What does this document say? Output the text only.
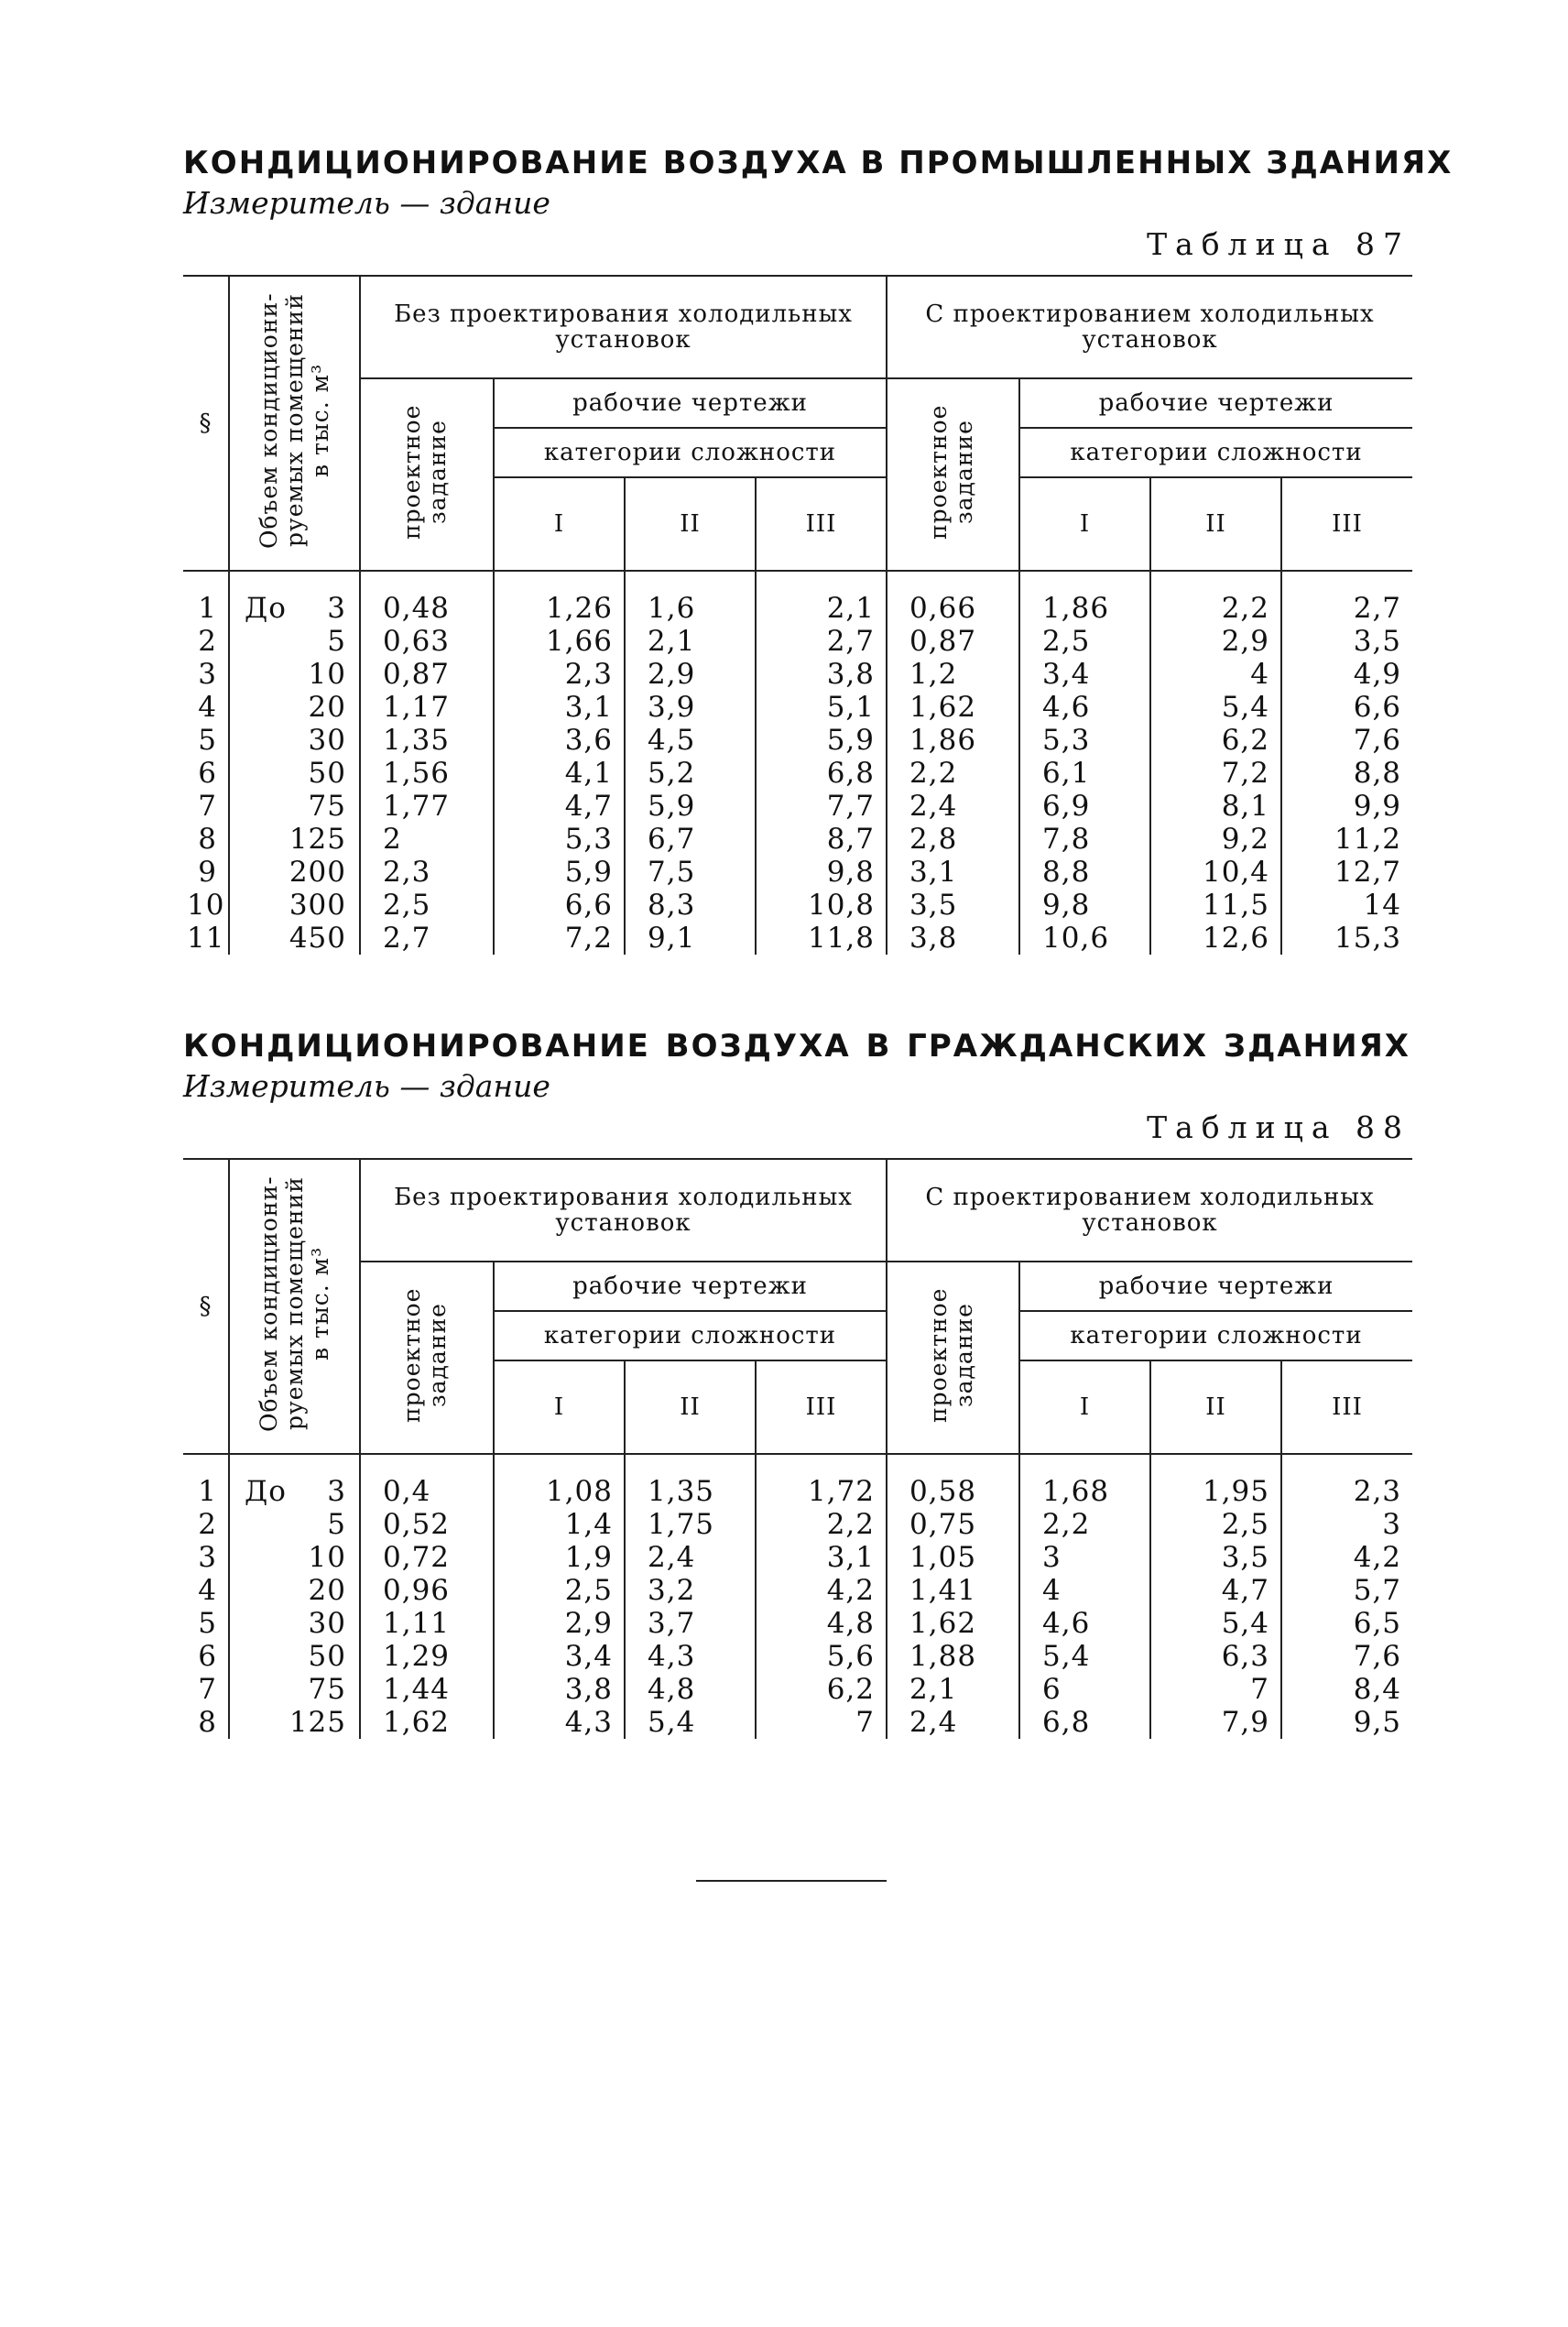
КОНДИЦИОНИРОВАНИЕ ВОЗДУХА В ПРОМЫШЛЕННЫХ ЗДАНИЯХ
Измеритель — здание
Таблица 87
§	Объем кондициони-руемых помещений в тыс. м³	Без проектирования холодильных установок				С проектированием холодильных установок			
		проектное задание	рабочие чертежи			проектное задание	рабочие чертежи		
			категории сложности				категории сложности		
			I	II	III		I	II	III
1	До 3	0,48	1,26	1,6	2,1	0,66	1,86	2,2	2,7
2	5	0,63	1,66	2,1	2,7	0,87	2,5	2,9	3,5
3	10	0,87	2,3	2,9	3,8	1,2	3,4	4	4,9
4	20	1,17	3,1	3,9	5,1	1,62	4,6	5,4	6,6
5	30	1,35	3,6	4,5	5,9	1,86	5,3	6,2	7,6
6	50	1,56	4,1	5,2	6,8	2,2	6,1	7,2	8,8
7	75	1,77	4,7	5,9	7,7	2,4	6,9	8,1	9,9
8	125	2	5,3	6,7	8,7	2,8	7,8	9,2	11,2
9	200	2,3	5,9	7,5	9,8	3,1	8,8	10,4	12,7
10	300	2,5	6,6	8,3	10,8	3,5	9,8	11,5	14
11	450	2,7	7,2	9,1	11,8	3,8	10,6	12,6	15,3
КОНДИЦИОНИРОВАНИЕ ВОЗДУХА В ГРАЖДАНСКИХ ЗДАНИЯХ
Измеритель — здание
Таблица 88
§	Объем кондициони-руемых помещений в тыс. м³	Без проектирования холодильных установок				С проектированием холодильных установок			
		проектное задание	рабочие чертежи			проектное задание	рабочие чертежи		
			категории сложности				категории сложности		
			I	II	III		I	II	III
1	До 3	0,4	1,08	1,35	1,72	0,58	1,68	1,95	2,3
2	5	0,52	1,4	1,75	2,2	0,75	2,2	2,5	3
3	10	0,72	1,9	2,4	3,1	1,05	3	3,5	4,2
4	20	0,96	2,5	3,2	4,2	1,41	4	4,7	5,7
5	30	1,11	2,9	3,7	4,8	1,62	4,6	5,4	6,5
6	50	1,29	3,4	4,3	5,6	1,88	5,4	6,3	7,6
7	75	1,44	3,8	4,8	6,2	2,1	6	7	8,4
8	125	1,62	4,3	5,4	7	2,4	6,8	7,9	9,5
